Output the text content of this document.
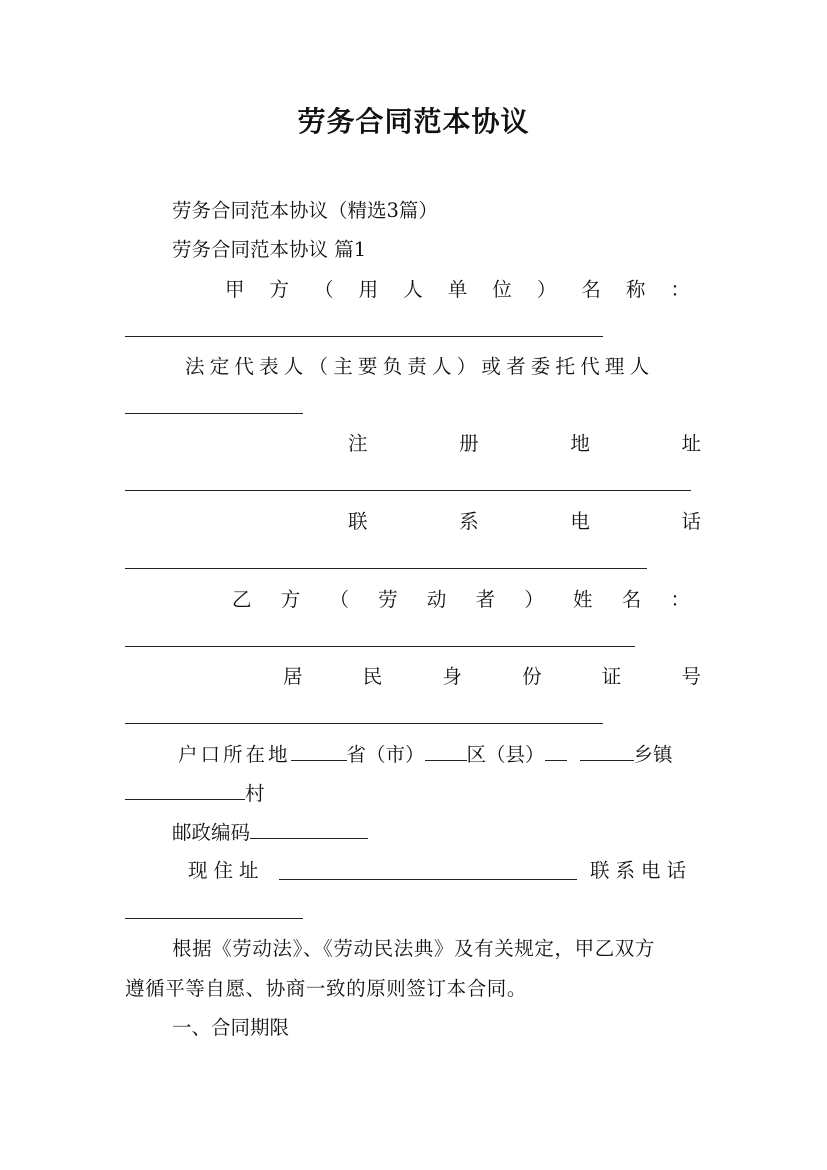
劳务合同范本协议
劳务合同范本协议（精选3篇）
劳务合同范本协议 篇1
甲 方 （ 用 人 单 位 ） 名 称 ：
法定代表人（主要负责人）或者委托代理人
注	册	地	址
联	系	电	话
乙 方 （ 劳 动 者 ） 姓 名 ：
居	民	身	份	证	号
户口所在地	省（市） 区（县）	乡镇
村
邮政编码
现住址	联系电话
根据《劳动法》、《劳动民法典》及有关规定，甲乙双方
遵循平等自愿、协商一致的原则签订本合同。
一、合同期限
